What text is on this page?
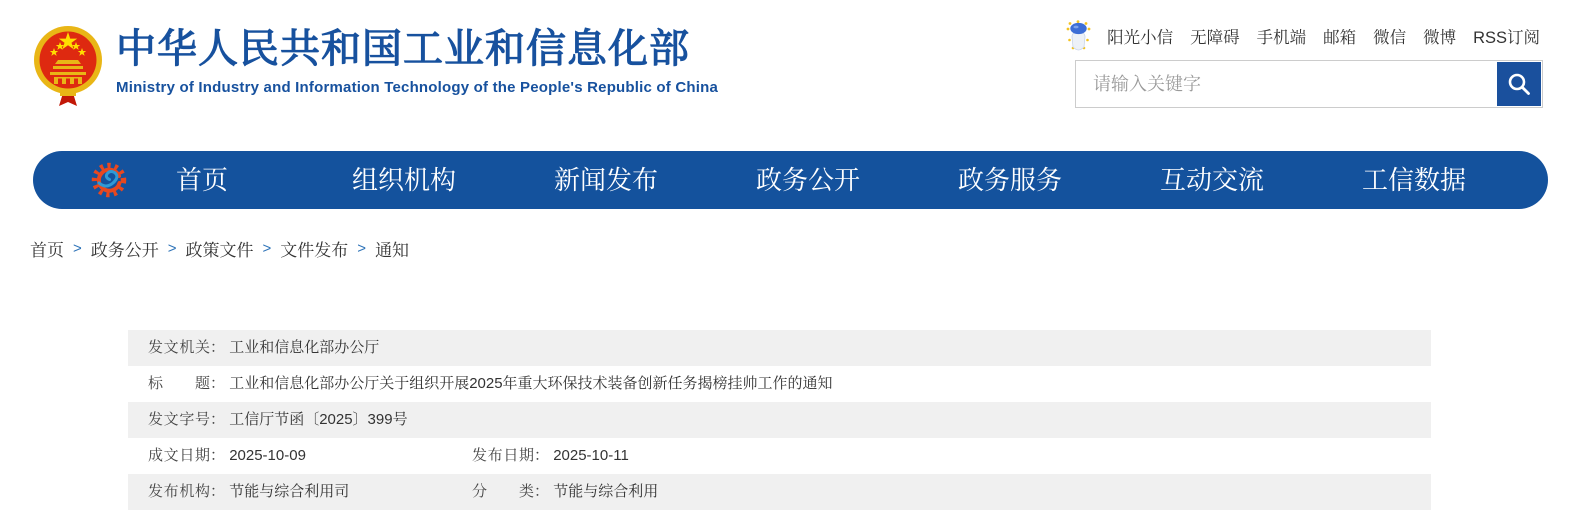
中华人民共和国工业和信息化部
Ministry of Industry and Information Technology of the People's Republic of China
阳光小信 无障碍 手机端 邮箱 微信 微博 RSS订阅
请输入关键字
首页	组织机构	新闻发布	政务公开	政务服务	互动交流	工信数据
首页 > 政务公开 > 政策文件 > 文件发布 > 通知
发文机关： 工业和信息化部办公厅
标题： 工业和信息化部办公厅关于组织开展2025年重大环保技术装备创新任务揭榜挂帅工作的通知
发文字号： 工信厅节函〔2025〕399号
成文日期： 2025-10-09	发布日期： 2025-10-11
发布机构： 节能与综合利用司	分类： 节能与综合利用
